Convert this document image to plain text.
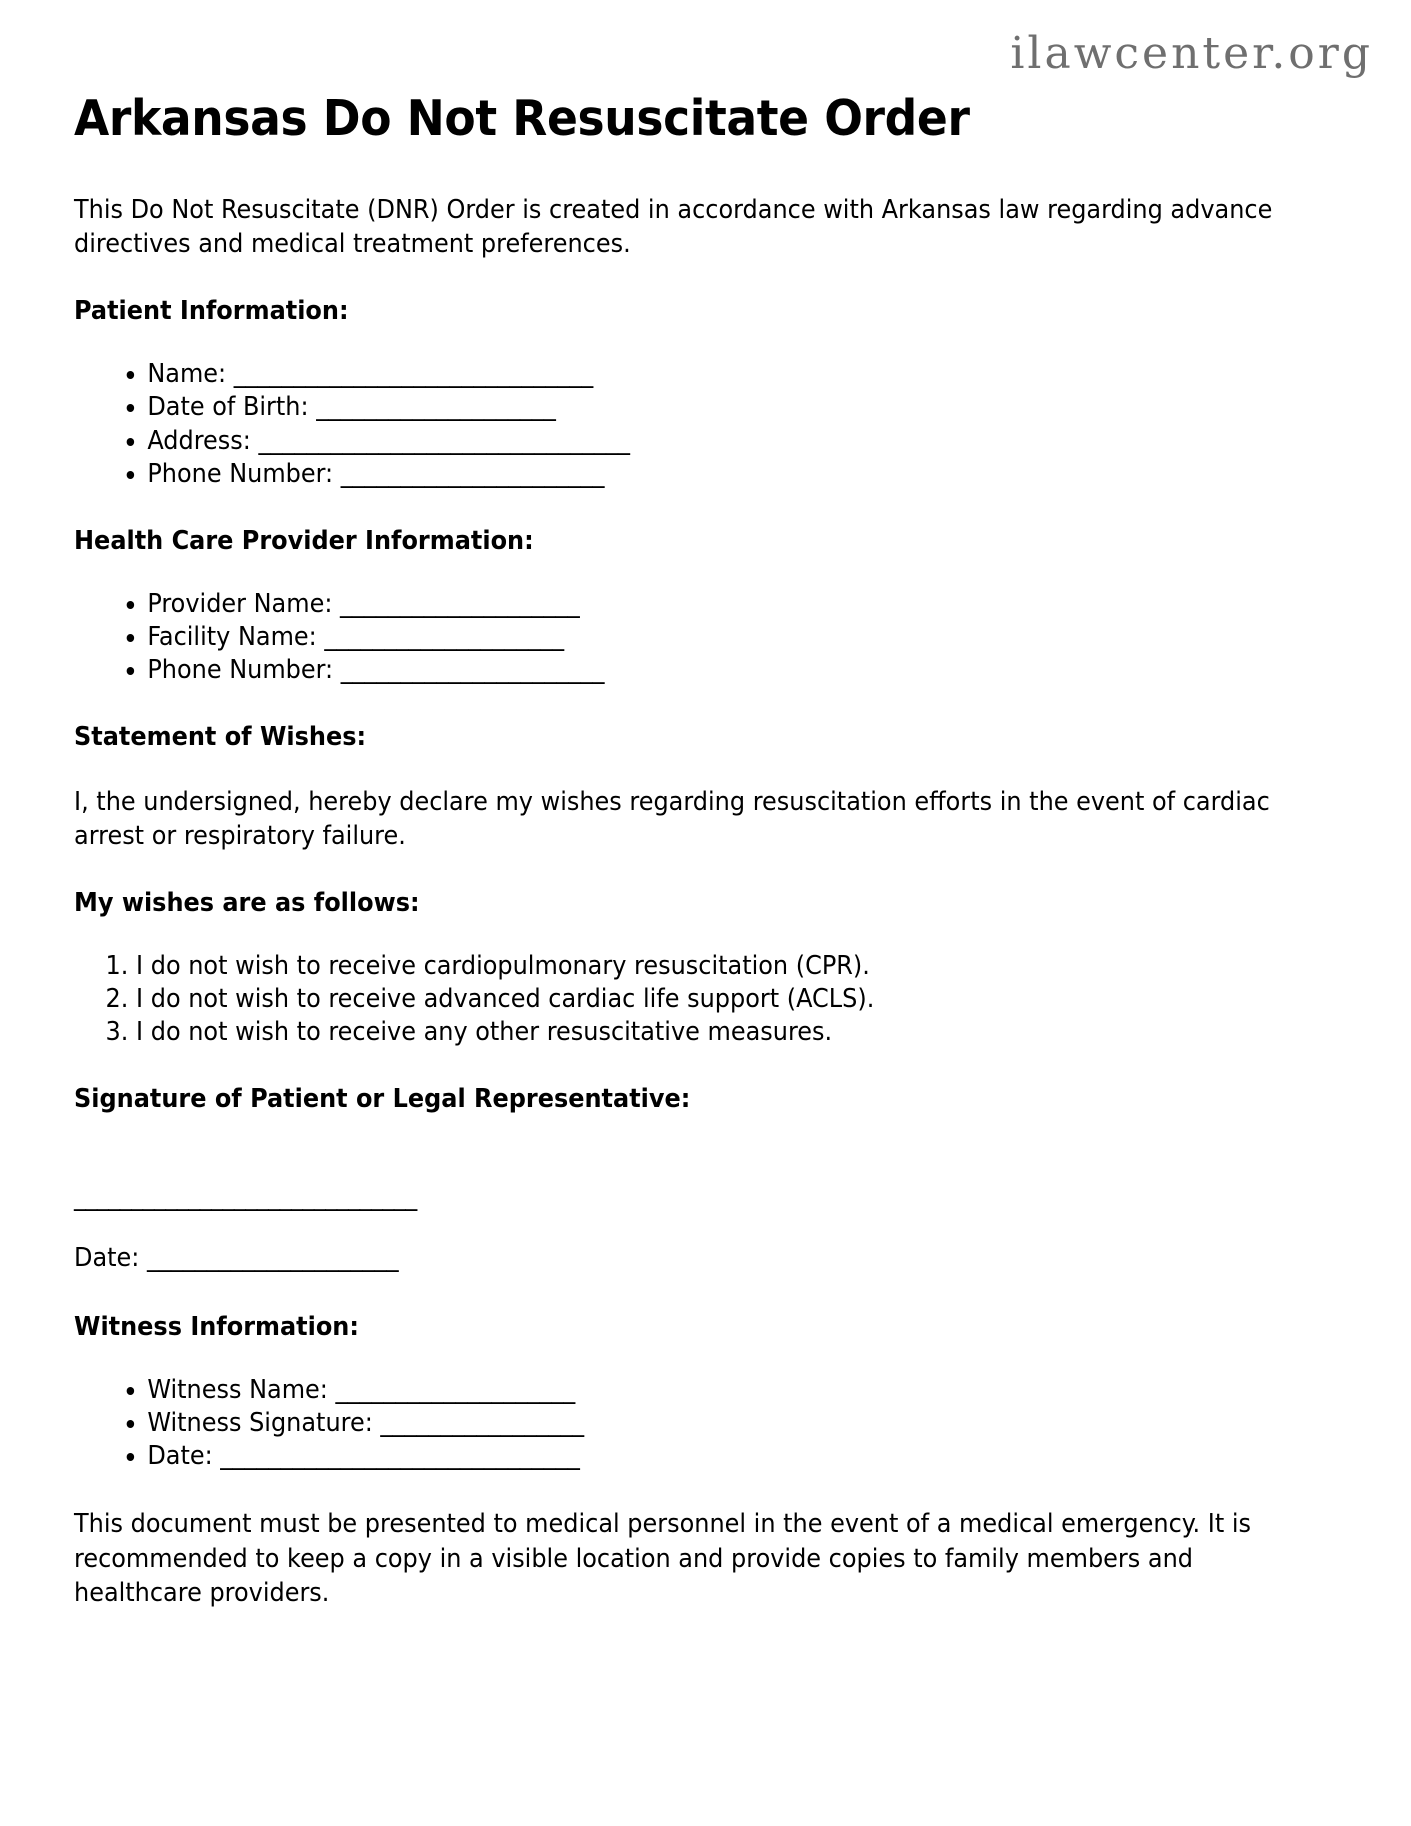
ilawcenter.org
Arkansas Do Not Resuscitate Order

This Do Not Resuscitate (DNR) Order is created in accordance with Arkansas law regarding advance directives and medical treatment preferences.

Patient Information:
• Name: ______________________________
• Date of Birth: ____________________
• Address: _______________________________
• Phone Number: ______________________
Health Care Provider Information:
• Provider Name: ____________________
• Facility Name: ____________________
• Phone Number: ______________________
Statement of Wishes:

I, the undersigned, hereby declare my wishes regarding resuscitation efforts in the event of cardiac arrest or respiratory failure.

My wishes are as follows:
1. I do not wish to receive cardiopulmonary resuscitation (CPR).
2. I do not wish to receive advanced cardiac life support (ACLS).
3. I do not wish to receive any other resuscitative measures.
Signature of Patient or Legal Representative:
______________________________
Date: _____________________
Witness Information:
• Witness Name: ____________________
• Witness Signature: _________________
• Date: ______________________________

This document must be presented to medical personnel in the event of a medical emergency. It is recommended to keep a copy in a visible location and provide copies to family members and healthcare providers.
